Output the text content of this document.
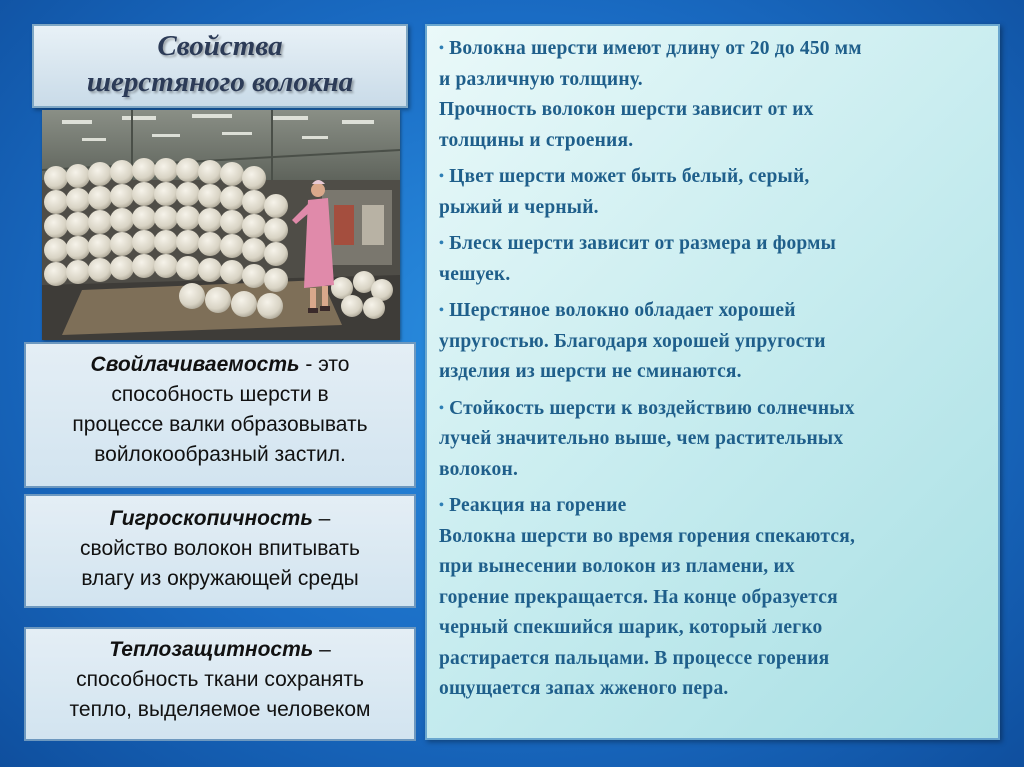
Свойства
шерстяного волокна
Свойлачиваемость - это
способность шерсти в
процессе валки образовывать
войлокообразный застил.
Гигроскопичность –
свойство волокон впитывать
влагу из окружающей среды
Теплозащитность –
способность ткани сохранять
тепло, выделяемое человеком

• Волокна шерсти имеют длину от 20 до 450 мм
и различную толщину.
Прочность волокон шерсти зависит от их
толщины и строения.

• Цвет шерсти может быть белый, серый,
рыжий и черный.

• Блеск шерсти зависит от размера и формы
чешуек.

• Шерстяное волокно обладает хорошей
упругостью. Благодаря хорошей упругости
изделия из шерсти не сминаются.

• Стойкость шерсти к воздействию солнечных
лучей значительно выше, чем растительных
волокон.

• Реакция на горение
Волокна шерсти во время горения спекаются,
при вынесении волокон из пламени, их
горение прекращается. На конце образуется
черный спекшийся шарик, который легко
растирается пальцами. В процессе горения
ощущается запах жженого пера.
